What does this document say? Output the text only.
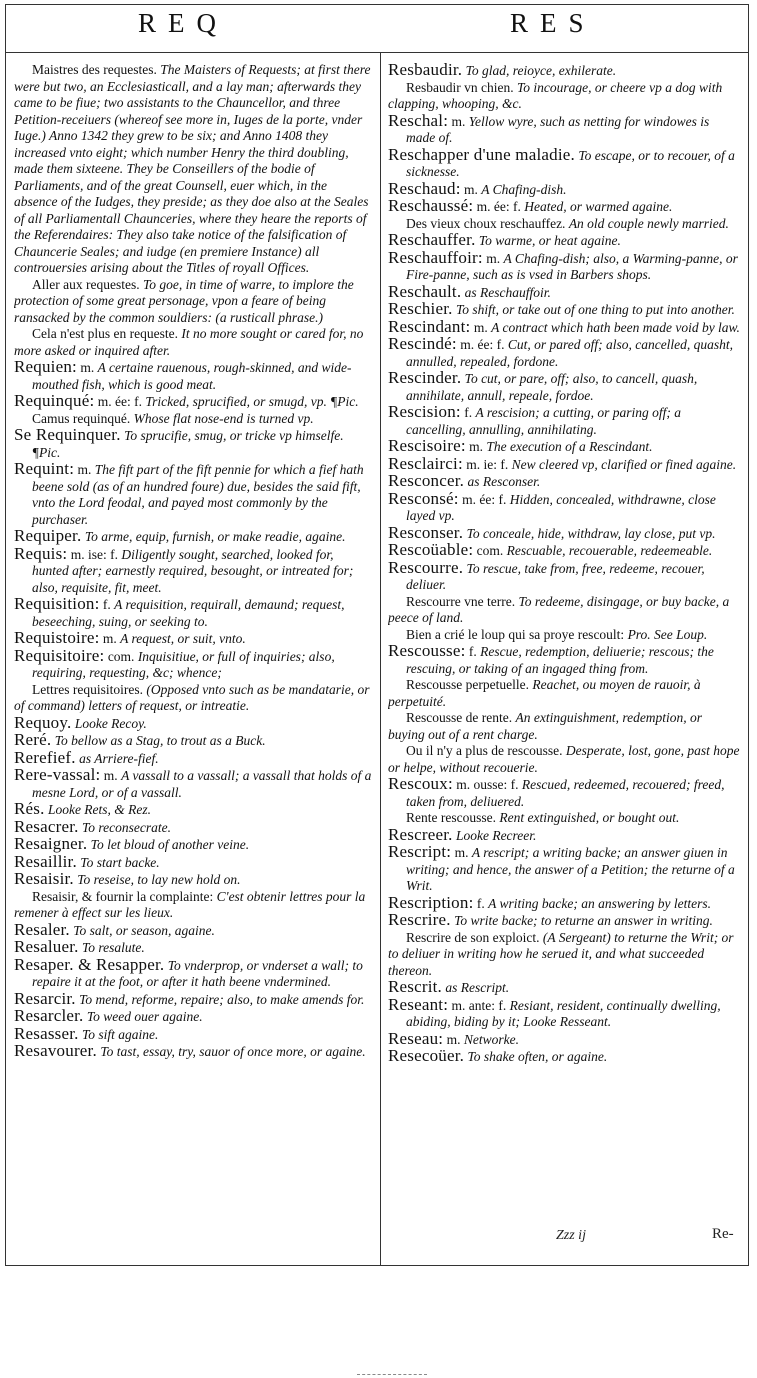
REQ	RES
Maistres des requestes. The Maisters of Requests; at first there were but two, an Ecclesiasticall, and a lay man; afterwards they came to be fiue; two assistants to the Chauncellor, and three Petition-receiuers (whereof see more in, Iuges de la porte, vnder Iuge.) Anno 1342 they grew to be six; and Anno 1408 they increased vnto eight; which number Henry the third doubling, made them sixteene. They be Conseillers of the bodie of Parliaments, and of the great Counsell, euer which, in the absence of the Iudges, they preside; as they doe also at the Seales of all Parliamentall Chaunceries, where they heare the reports of the Referendaires: They also take notice of the falsification of Chauncerie Seales; and iudge (en premiere Instance) all controuersies arising about the Titles of royall Offices.
Aller aux requestes. To goe, in time of warre, to implore the protection of some great personage, vpon a feare of being ransacked by the common souldiers: (a rusticall phrase.)
Cela n'est plus en requeste. It no more sought or cared for, no more asked or inquired after.
Requien: m. A certaine rauenous, rough-skinned, and wide-mouthed fish, which is good meat.
Requinqué: m. ée: f. Tricked, sprucified, or smugd, vp. ¶Pic.
Camus requinqué. Whose flat nose-end is turned vp.
Se Requinquer. To sprucifie, smug, or tricke vp himselfe. ¶Pic.
Requint: m. The fift part of the fift pennie for which a fief hath beene sold (as of an hundred foure) due, besides the said fift, vnto the Lord feodal, and payed most commonly by the purchaser.
Requiper. To arme, equip, furnish, or make readie, againe.
Requis: m. ise: f. Diligently sought, searched, looked for, hunted after; earnestly required, besought, or intreated for; also, requisite, fit, meet.
Requisition: f. A requisition, requirall, demaund; request, beseeching, suing, or seeking to.
Requistoire: m. A request, or suit, vnto.
Requisitoire: com. Inquisitiue, or full of inquiries; also, requiring, requesting, &c; whence;
Lettres requisitoires. (Opposed vnto such as be mandatarie, or of command) letters of request, or intreatie.
Requoy. Looke Recoy.
Reré. To bellow as a Stag, to trout as a Buck.
Rerefief. as Arriere-fief.
Rere-vassal: m. A vassall to a vassall; a vassall that holds of a mesne Lord, or of a vassall.
Rés. Looke Rets, & Rez.
Resacrer. To reconsecrate.
Resaigner. To let bloud of another veine.
Resaillir. To start backe.
Resaisir. To reseise, to lay new hold on.
Resaisir, & fournir la complainte: C'est obtenir lettres pour la remener à effect sur les lieux.
Resaler. To salt, or season, againe.
Resaluer. To resalute.
Resaper. & Resapper. To vnderprop, or vnderset a wall; to repaire it at the foot, or after it hath beene vndermined.
Resarcir. To mend, reforme, repaire; also, to make amends for.
Resarcler. To weed ouer againe.
Resasser. To sift againe.
Resavourer. To tast, essay, try, sauor of once more, or againe.
Resbaudir. To glad, reioyce, exhilerate.
Resbaudir vn chien. To incourage, or cheere vp a dog with clapping, whooping, &c.
Reschal: m. Yellow wyre, such as netting for windowes is made of.
Reschapper d'une maladie. To escape, or to recouer, of a sicknesse.
Reschaud: m. A Chafing-dish.
Reschaussé: m. ée: f. Heated, or warmed againe.
Des vieux choux reschauffez. An old couple newly married.
Reschauffer. To warme, or heat againe.
Reschauffoir: m. A Chafing-dish; also, a Warming-panne, or Fire-panne, such as is vsed in Barbers shops.
Reschault. as Reschauffoir.
Reschier. To shift, or take out of one thing to put into another.
Rescindant: m. A contract which hath been made void by law.
Rescindé: m. ée: f. Cut, or pared off; also, cancelled, quasht, annulled, repealed, fordone.
Rescinder. To cut, or pare, off; also, to cancell, quash, annihilate, annull, repeale, fordoe.
Rescision: f. A rescision; a cutting, or paring off; a cancelling, annulling, annihilating.
Rescisoire: m. The execution of a Rescindant.
Resclairci: m. ie: f. New cleered vp, clarified or fined againe.
Resconcer. as Resconser.
Resconsé: m. ée: f. Hidden, concealed, withdrawne, close layed vp.
Resconser. To conceale, hide, withdraw, lay close, put vp.
Rescoüable: com. Rescuable, recouerable, redeemeable.
Rescourre. To rescue, take from, free, redeeme, recouer, deliuer.
Rescourre vne terre. To redeeme, disingage, or buy backe, a peece of land.
Bien a crié le loup qui sa proye rescoult: Pro. See Loup.
Rescousse: f. Rescue, redemption, deliuerie; rescous; the rescuing, or taking of an ingaged thing from.
Rescousse perpetuelle. Reachet, ou moyen de rauoir, à perpetuité.
Rescousse de rente. An extinguishment, redemption, or buying out of a rent charge.
Ou il n'y a plus de rescousse. Desperate, lost, gone, past hope or helpe, without recouerie.
Rescoux: m. ousse: f. Rescued, redeemed, recouered; freed, taken from, deliuered.
Rente rescousse. Rent extinguished, or bought out.
Rescreer. Looke Recreer.
Rescript: m. A rescript; a writing backe; an answer giuen in writing; and hence, the answer of a Petition; the returne of a Writ.
Rescription: f. A writing backe; an answering by letters.
Rescrire. To write backe; to returne an answer in writing.
Rescrire de son exploict. (A Sergeant) to returne the Writ; or to deliuer in writing how he serued it, and what succeeded thereon.
Rescrit. as Rescript.
Reseant: m. ante: f. Resiant, resident, continually dwelling, abiding, biding by it; Looke Resseant.
Reseau: m. Networke.
Resecoüer. To shake often, or againe.
Zzz ij	Re-
